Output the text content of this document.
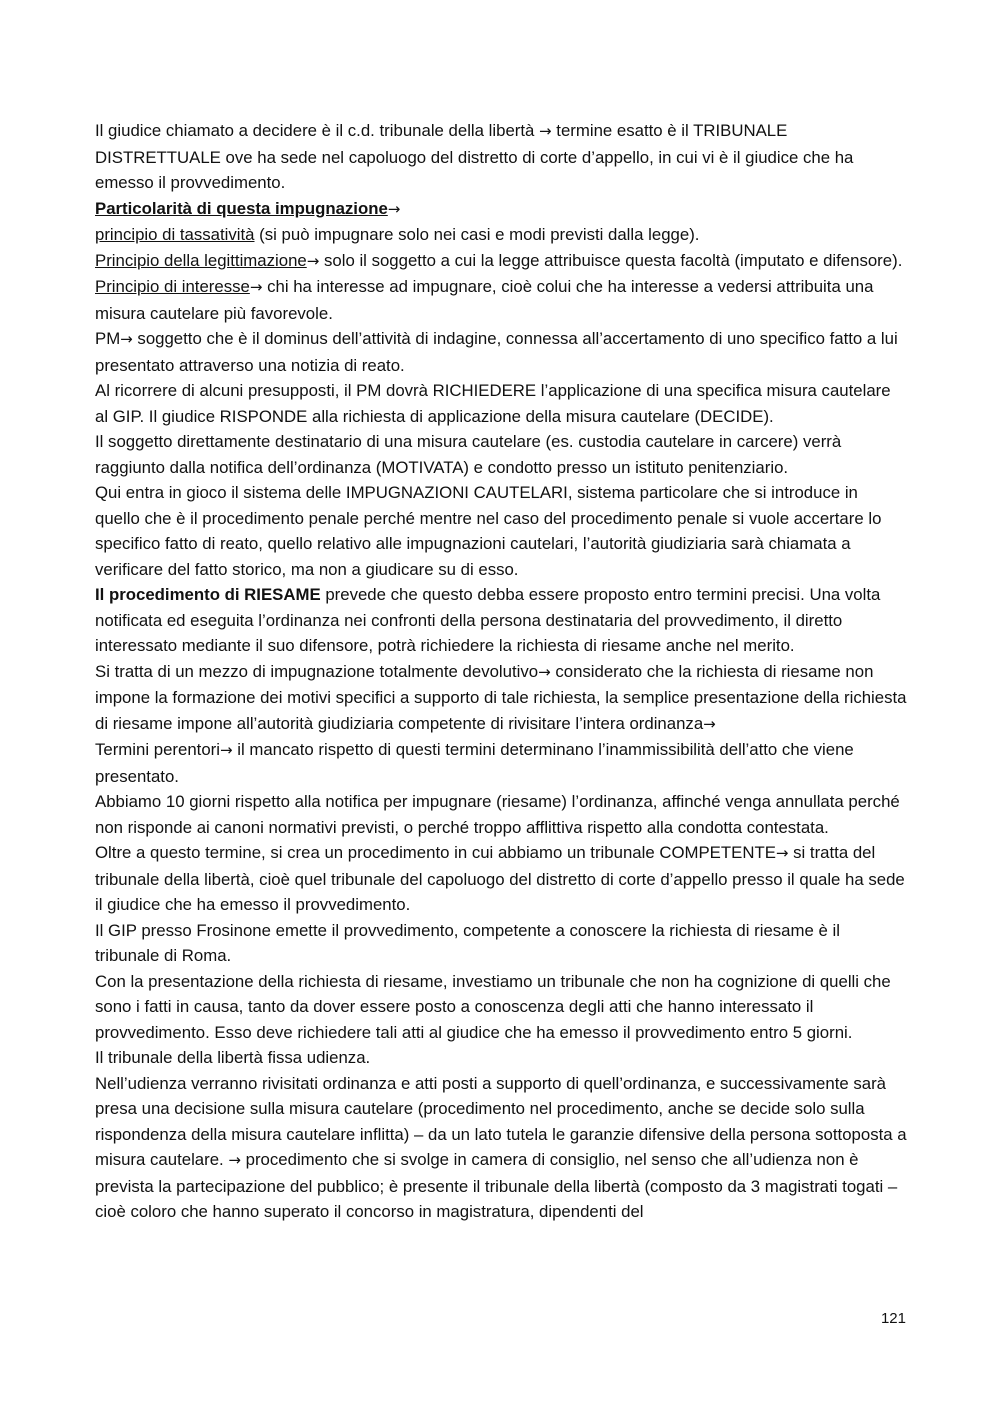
Il giudice chiamato a decidere è il c.d. tribunale della libertà → termine esatto è il TRIBUNALE DISTRETTUALE ove ha sede nel capoluogo del distretto di corte d’appello, in cui vi è il giudice che ha emesso il provvedimento.

Particolarità di questa impugnazione→

principio di tassatività (si può impugnare solo nei casi e modi previsti dalla legge).

Principio della legittimazione→ solo il soggetto a cui la legge attribuisce questa facoltà (imputato e difensore).

Principio di interesse→ chi ha interesse ad impugnare, cioè colui che ha interesse a vedersi attribuita una misura cautelare più favorevole.

PM→ soggetto che è il dominus dell’attività di indagine, connessa all’accertamento di uno specifico fatto a lui presentato attraverso una notizia di reato.

Al ricorrere di alcuni presupposti, il PM dovrà RICHIEDERE l’applicazione di una specifica misura cautelare al GIP. Il giudice RISPONDE alla richiesta di applicazione della misura cautelare (DECIDE).

Il soggetto direttamente destinatario di una misura cautelare (es. custodia cautelare in carcere) verrà raggiunto dalla notifica dell’ordinanza (MOTIVATA) e condotto presso un istituto penitenziario.

Qui entra in gioco il sistema delle IMPUGNAZIONI CAUTELARI, sistema particolare che si introduce in quello che è il procedimento penale perché mentre nel caso del procedimento penale si vuole accertare lo specifico fatto di reato, quello relativo alle impugnazioni cautelari, l’autorità giudiziaria sarà chiamata a verificare del fatto storico, ma non a giudicare su di esso.

Il procedimento di RIESAME prevede che questo debba essere proposto entro termini precisi. Una volta notificata ed eseguita l’ordinanza nei confronti della persona destinataria del provvedimento, il diretto interessato mediante il suo difensore, potrà richiedere la richiesta di riesame anche nel merito.

Si tratta di un mezzo di impugnazione totalmente devolutivo→ considerato che la richiesta di riesame non impone la formazione dei motivi specifici a supporto di tale richiesta, la semplice presentazione della richiesta di riesame impone all’autorità giudiziaria competente di rivisitare l’intera ordinanza→

Termini perentori→ il mancato rispetto di questi termini determinano l’inammissibilità dell’atto che viene presentato.

Abbiamo 10 giorni rispetto alla notifica per impugnare (riesame) l’ordinanza, affinché venga annullata perché non risponde ai canoni normativi previsti, o perché troppo afflittiva rispetto alla condotta contestata.

Oltre a questo termine, si crea un procedimento in cui abbiamo un tribunale COMPETENTE→ si tratta del tribunale della libertà, cioè quel tribunale del capoluogo del distretto di corte d’appello presso il quale ha sede il giudice che ha emesso il provvedimento.

Il GIP presso Frosinone emette il provvedimento, competente a conoscere la richiesta di riesame è il tribunale di Roma.

Con la presentazione della richiesta di riesame, investiamo un tribunale che non ha cognizione di quelli che sono i fatti in causa, tanto da dover essere posto a conoscenza degli atti che hanno interessato il provvedimento. Esso deve richiedere tali atti al giudice che ha emesso il provvedimento entro 5 giorni.

Il tribunale della libertà fissa udienza.

Nell’udienza verranno rivisitati ordinanza e atti posti a supporto di quell’ordinanza, e successivamente sarà presa una decisione sulla misura cautelare (procedimento nel procedimento, anche se decide solo sulla rispondenza della misura cautelare inflitta) – da un lato tutela le garanzie difensive della persona sottoposta a misura cautelare. → procedimento che si svolge in camera di consiglio, nel senso che all’udienza non è prevista la partecipazione del pubblico; è presente il tribunale della libertà (composto da 3 magistrati togati – cioè coloro che hanno superato il concorso in magistratura, dipendenti del

121
